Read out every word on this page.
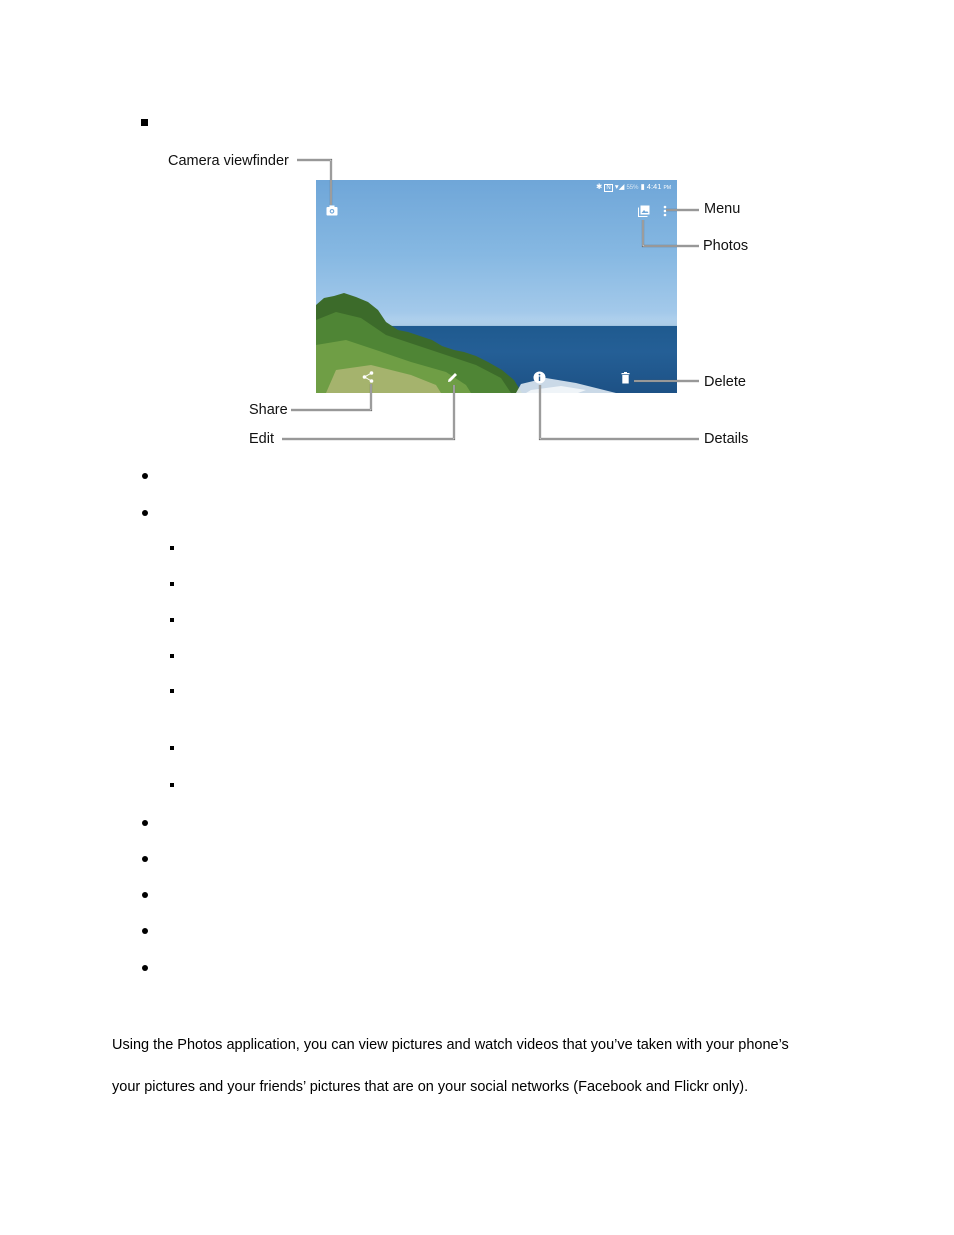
✱ N ▾◢ 55% ▮ 4:41 PM
Camera viewfinder
Menu
Photos
Delete
Share
Edit	Details
Using the Photos application, you can view pictures and watch videos that you’ve taken with your phone’s
your pictures and your friends’ pictures that are on your social networks (Facebook and Flickr only).
